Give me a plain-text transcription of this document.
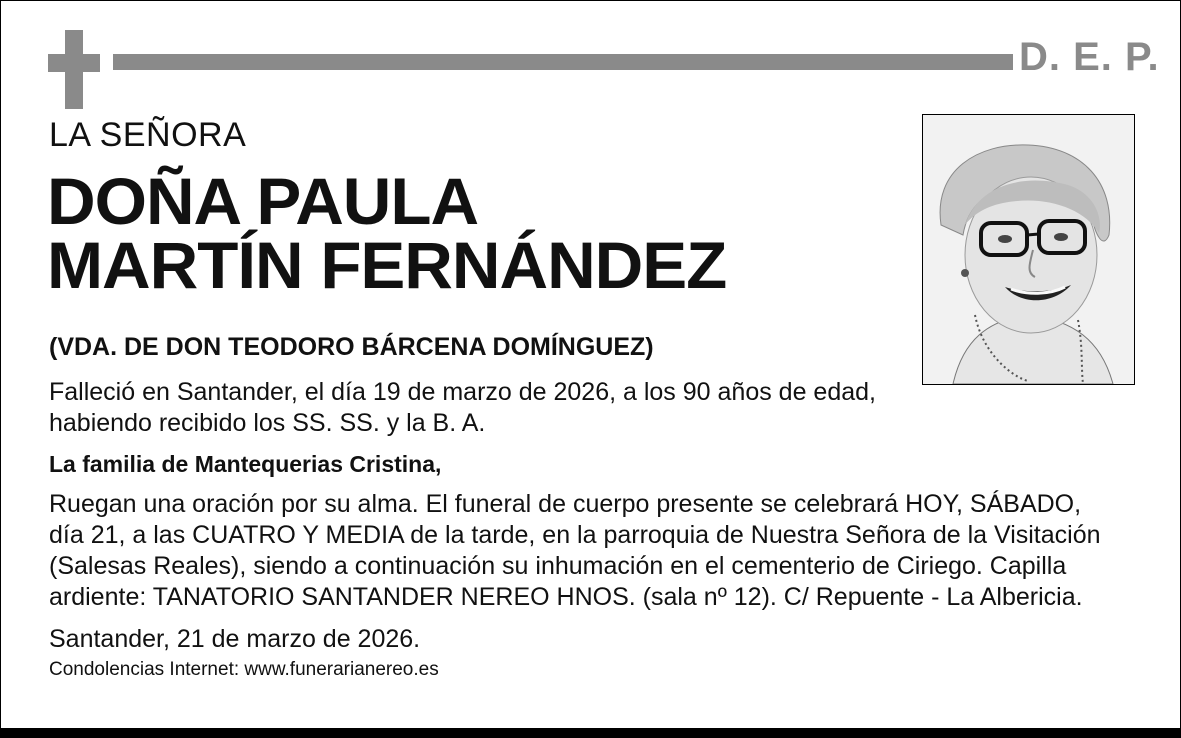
D. E. P.
LA SEÑORA
DOÑA PAULA
MARTÍN FERNÁNDEZ
(VDA. DE DON TEODORO BÁRCENA DOMÍNGUEZ)
Falleció en Santander, el día 19 de marzo de 2026, a los 90 años de edad,
habiendo recibido los SS. SS. y la B. A.
La familia de Mantequerias Cristina,
Ruegan una oración por su alma. El funeral de cuerpo presente se celebrará HOY, SÁBADO,
día 21, a las CUATRO Y MEDIA de la tarde, en la parroquia de Nuestra Señora de la Visitación
(Salesas Reales), siendo a continuación su inhumación en el cementerio de Ciriego. Capilla
ardiente: TANATORIO SANTANDER NEREO HNOS. (sala nº 12). C/ Repuente - La Albericia.
Santander, 21 de marzo de 2026.
Condolencias Internet: www.funerarianereo.es
